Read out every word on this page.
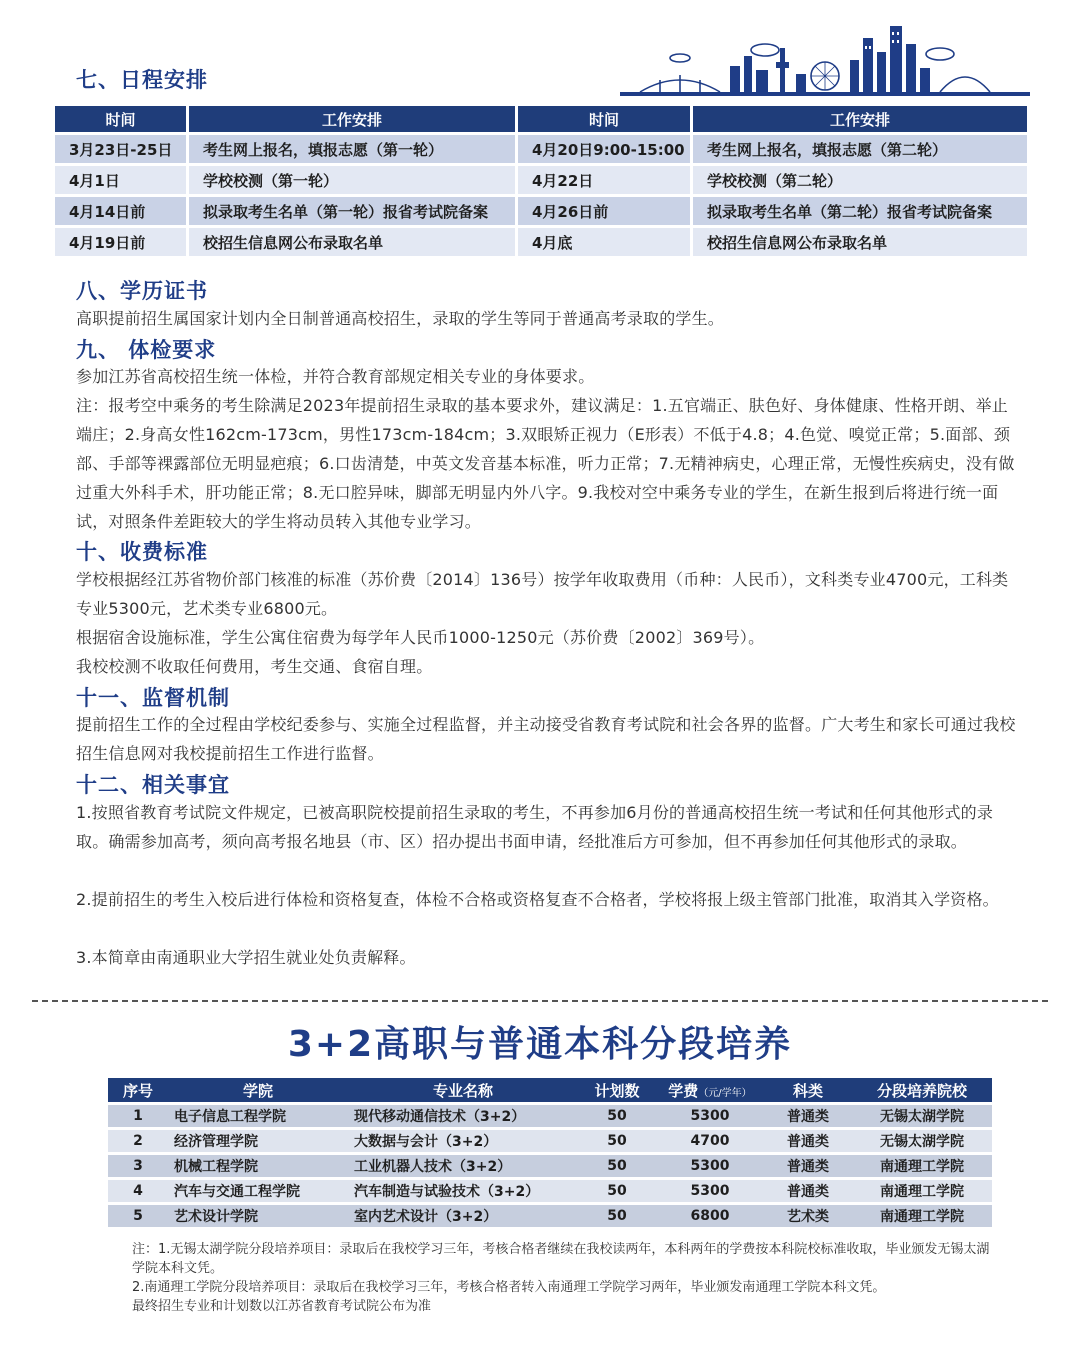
七、日程安排
时间	工作安排	时间	工作安排
3月23日-25日	考生网上报名，填报志愿（第一轮）	4月20日9:00-15:00	考生网上报名，填报志愿（第二轮）
4月1日	学校校测（第一轮）	4月22日	学校校测（第二轮）
4月14日前	拟录取考生名单（第一轮）报省考试院备案	4月26日前	拟录取考生名单（第二轮）报省考试院备案
4月19日前	校招生信息网公布录取名单	4月底	校招生信息网公布录取名单
八、学历证书

高职提前招生属国家计划内全日制普通高校招生，录取的学生等同于普通高考录取的学生。

九、 体检要求

参加江苏省高校招生统一体检，并符合教育部规定相关专业的身体要求。

注：报考空中乘务的考生除满足2023年提前招生录取的基本要求外，建议满足：1.五官端正、肤色好、身体健康、性格开朗、举止端庄；2.身高女性162cm-173cm，男性173cm-184cm；3.双眼矫正视力（E形表）不低于4.8；4.色觉、嗅觉正常；5.面部、颈部、手部等裸露部位无明显疤痕；6.口齿清楚，中英文发音基本标准，听力正常；7.无精神病史，心理正常，无慢性疾病史，没有做过重大外科手术，肝功能正常；8.无口腔异味，脚部无明显内外八字。9.我校对空中乘务专业的学生，在新生报到后将进行统一面试，对照条件差距较大的学生将动员转入其他专业学习。

十、收费标准

学校根据经江苏省物价部门核准的标准（苏价费〔2014〕136号）按学年收取费用（币种：人民币），文科类专业4700元，工科类专业5300元，艺术类专业6800元。

根据宿舍设施标准，学生公寓住宿费为每学年人民币1000-1250元（苏价费〔2002〕369号）。

我校校测不收取任何费用，考生交通、食宿自理。

十一、监督机制

提前招生工作的全过程由学校纪委参与、实施全过程监督，并主动接受省教育考试院和社会各界的监督。广大考生和家长可通过我校招生信息网对我校提前招生工作进行监督。

十二、相关事宜

1.按照省教育考试院文件规定，已被高职院校提前招生录取的考生，不再参加6月份的普通高校招生统一考试和任何其他形式的录取。确需参加高考，须向高考报名地县（市、区）招办提出书面申请，经批准后方可参加，但不再参加任何其他形式的录取。

2.提前招生的考生入校后进行体检和资格复查，体检不合格或资格复查不合格者，学校将报上级主管部门批准，取消其入学资格。

3.本简章由南通职业大学招生就业处负责解释。

3+2高职与普通本科分段培养
序号	学院	专业名称	计划数	学费（元/学年）	科类	分段培养院校
1	电子信息工程学院	现代移动通信技术（3+2）	50	5300	普通类	无锡太湖学院
2	经济管理学院	大数据与会计（3+2）	50	4700	普通类	无锡太湖学院
3	机械工程学院	工业机器人技术（3+2）	50	5300	普通类	南通理工学院
4	汽车与交通工程学院	汽车制造与试验技术（3+2）	50	5300	普通类	南通理工学院
5	艺术设计学院	室内艺术设计（3+2）	50	6800	艺术类	南通理工学院
注：1.无锡太湖学院分段培养项目：录取后在我校学习三年，考核合格者继续在我校读两年，本科两年的学费按本科院校标准收取，毕业颁发无锡太湖学院本科文凭。
2.南通理工学院分段培养项目：录取后在我校学习三年，考核合格者转入南通理工学院学习两年，毕业颁发南通理工学院本科文凭。
最终招生专业和计划数以江苏省教育考试院公布为准
